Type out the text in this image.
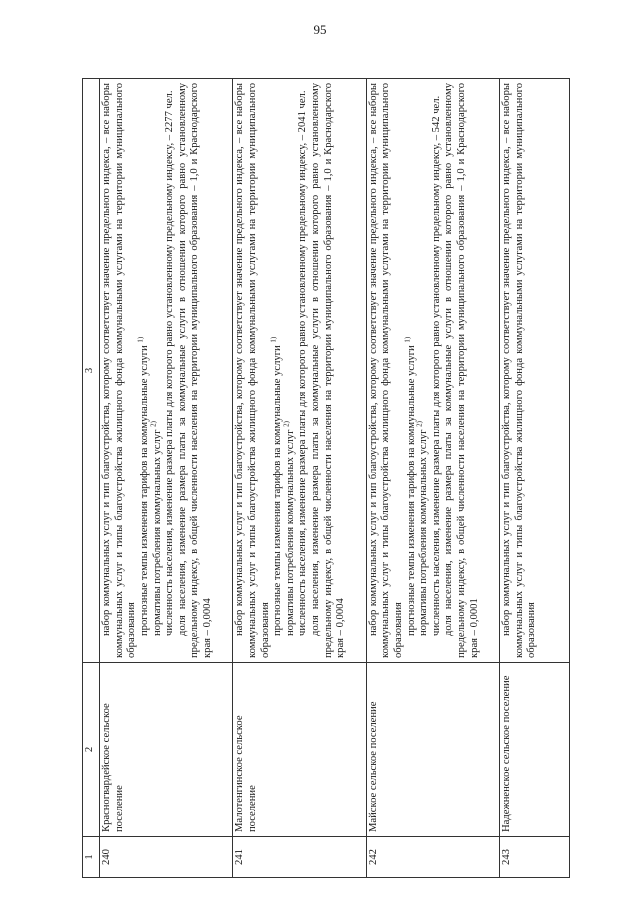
95
1	2	3
240	Красногвардейское сельское поселение	набор коммунальных услуг и тип благоустройства, которому соответствует значение предельного индекса, – все наборы коммунальных услуг и типы благоустройства жилищного фонда коммунальными услугами на территории муниципального образования прогнозные темпы изменения тарифов на коммунальные услуги $^{1)}$
нормативы потребления коммунальных услуг $^{2)}$ численность населения, изменение размера платы для которого равно установленному предельному индексу, – 2277 чел. доля населения, изменение размера платы за коммунальные услуги в отношении которого равно установленному предельному индексу, в общей численности населения на территории муниципального образования – 1,0 и Краснодарского края – 0,0004

241	Малотенгинское сельское поселение	набор коммунальных услуг и тип благоустройства, которому соответствует значение предельного индекса, – все наборы коммунальных услуг и типы благоустройства жилищного фонда коммунальными услугами на территории муниципального образования прогнозные темпы изменения тарифов на коммунальные услуги $^{1)}$
нормативы потребления коммунальных услуг $^{2)}$ численность населения, изменение размера платы для которого равно установленному предельному индексу, – 2041 чел. доля населения, изменение размера платы за коммунальные услуги в отношении которого равно установленному предельному индексу, в общей численности населения на территории муниципального образования – 1,0 и Краснодарского края – 0,0004

242	Майское сельское поселение	набор коммунальных услуг и тип благоустройства, которому соответствует значение предельного индекса, – все наборы коммунальных услуг и типы благоустройства жилищного фонда коммунальными услугами на территории муниципального образования прогнозные темпы изменения тарифов на коммунальные услуги $^{1)}$
нормативы потребления коммунальных услуг $^{2)}$ численность населения, изменение размера платы для которого равно установленному предельному индексу, – 542 чел. доля населения, изменение размера платы за коммунальные услуги в отношении которого равно установленному предельному индексу, в общей численности населения на территории муниципального образования – 1,0 и Краснодарского края – 0,0001

243	Надежненское сельское поселение	набор коммунальных услуг и тип благоустройства, которому соответствует значение предельного индекса, – все наборы коммунальных услуг и типы благоустройства жилищного фонда коммунальными услугами на территории муниципального образования
